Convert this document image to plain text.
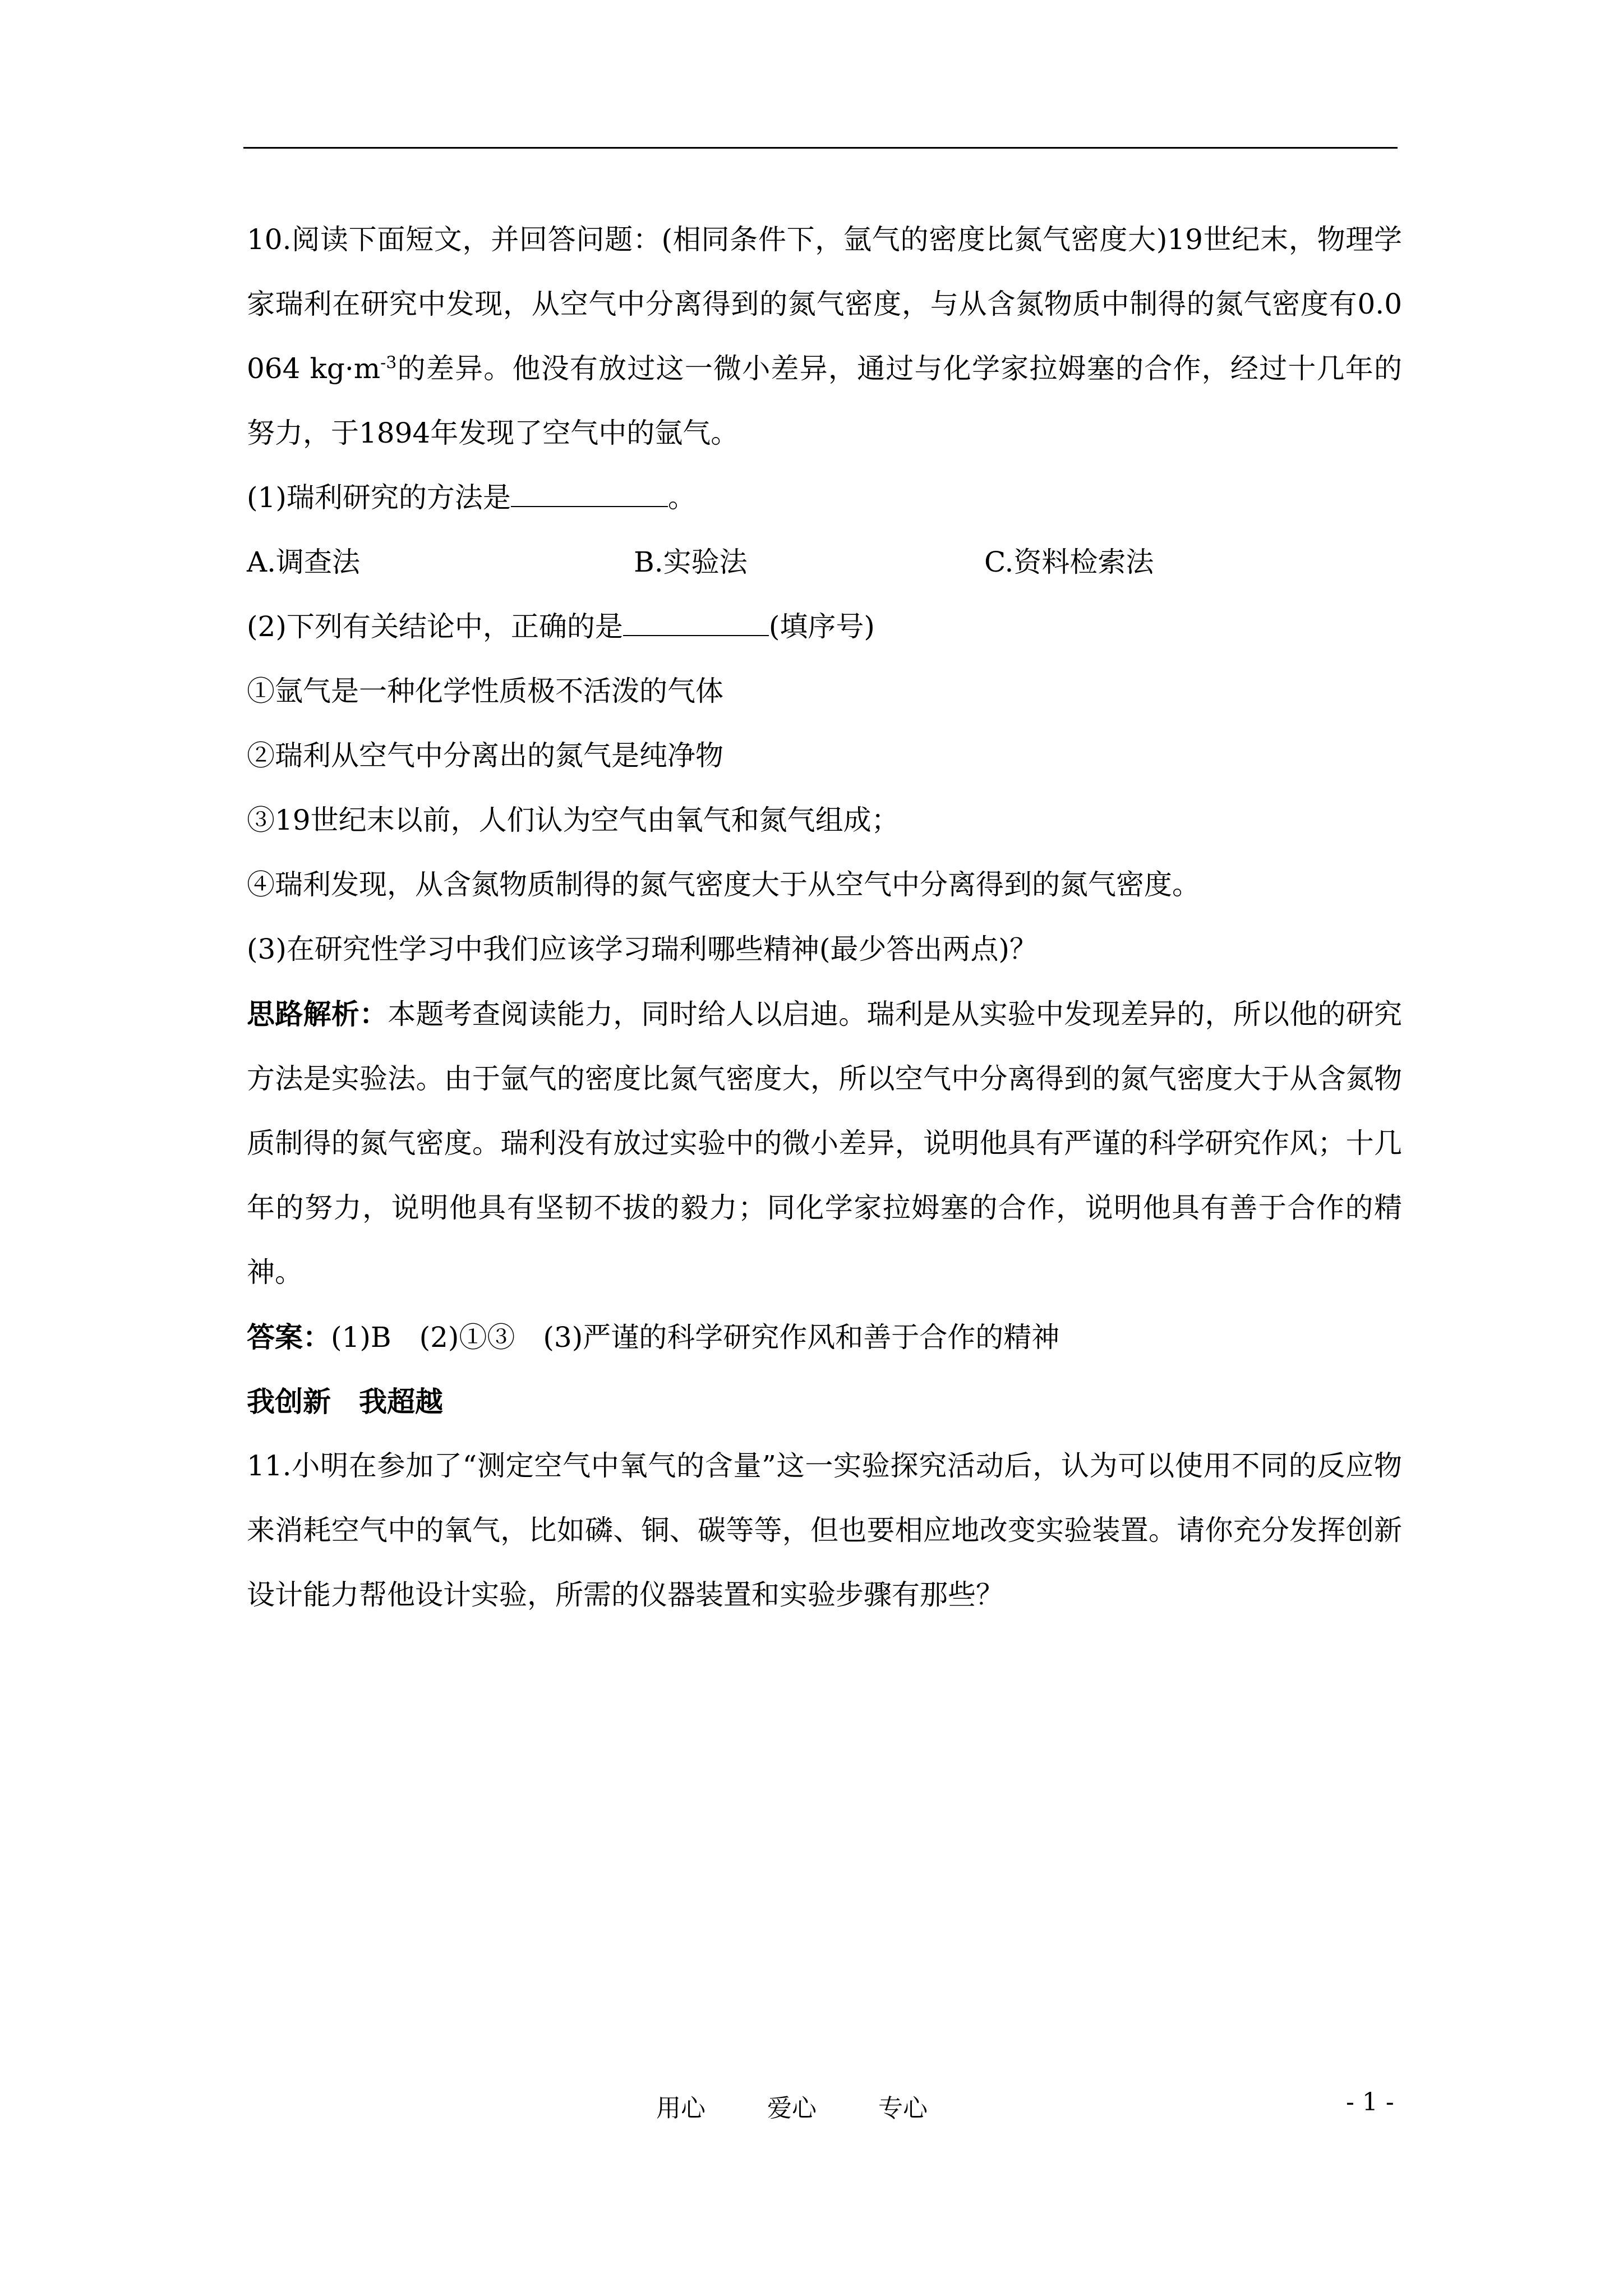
10.阅读下面短文，并回答问题：(相同条件下，氩气的密度比氮气密度大)19世纪末，物理学家瑞利在研究中发现，从空气中分离得到的氮气密度，与从含氮物质中制得的氮气密度有0.0064 $kg\cdot m^{-3}$的差异。他没有放过这一微小差异，通过与化学家拉姆塞的合作，经过十几年的努力，于1894年发现了空气中的氩气。
(1)瑞利研究的方法是	。
A.调查法	B.实验法	C.资料检索法
(2)下列有关结论中，正确的是	(填序号)
①氩气是一种化学性质极不活泼的气体
②瑞利从空气中分离出的氮气是纯净物
③19世纪末以前，人们认为空气由氧气和氮气组成；
④瑞利发现，从含氮物质制得的氮气密度大于从空气中分离得到的氮气密度。
(3)在研究性学习中我们应该学习瑞利哪些精神(最少答出两点)？
思路解析：本题考查阅读能力，同时给人以启迪。瑞利是从实验中发现差异的，所以他的研究方法是实验法。由于氩气的密度比氮气密度大，所以空气中分离得到的氮气密度大于从含氮物质制得的氮气密度。瑞利没有放过实验中的微小差异，说明他具有严谨的科学研究作风；十几年的努力，说明他具有坚韧不拔的毅力；同化学家拉姆塞的合作，说明他具有善于合作的精神。
答案：(1)B　(2)①③　(3)严谨的科学研究作风和善于合作的精神
我创新　我超越
11.小明在参加了“测定空气中氧气的含量”这一实验探究活动后，认为可以使用不同的反应物来消耗空气中的氧气，比如磷、铜、碳等等，但也要相应地改变实验装置。请你充分发挥创新设计能力帮他设计实验，所需的仪器装置和实验步骤有那些？
用心	爱心	专心	- 1 -
